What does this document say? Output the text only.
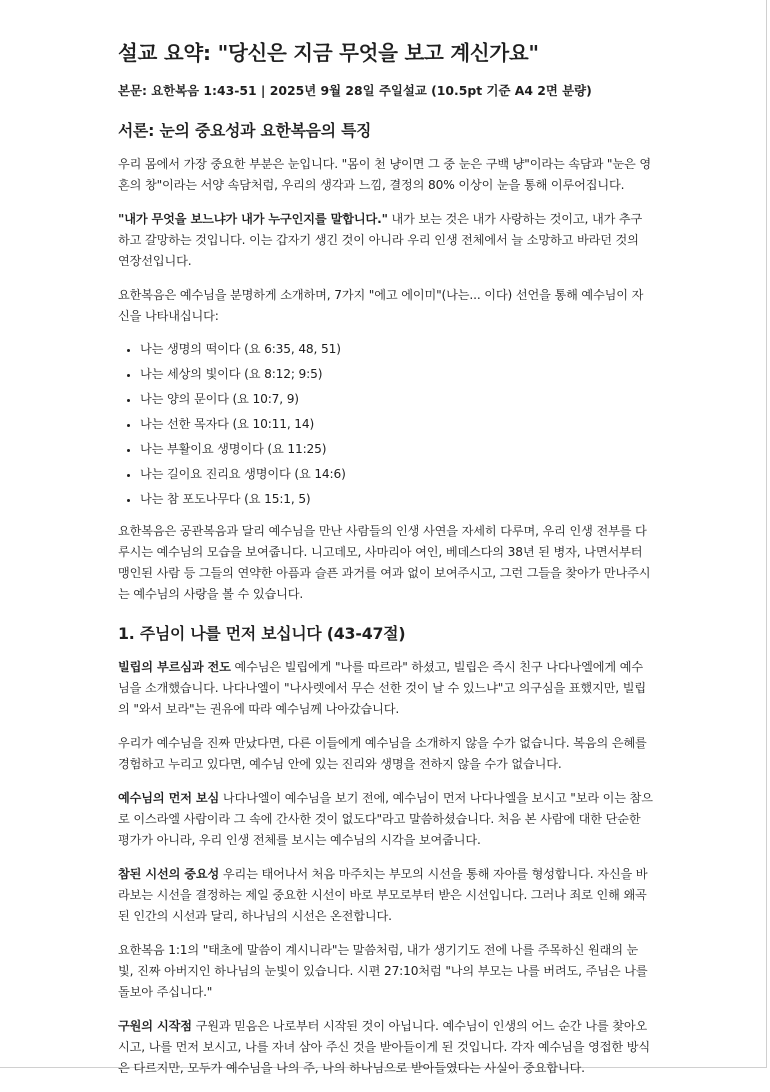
설교 요약: "당신은 지금 무엇을 보고 계신가요"
본문: 요한복음 1:43-51 | 2025년 9월 28일 주일설교 (10.5pt 기준 A4 2면 분량)
서론: 눈의 중요성과 요한복음의 특징

우리 몸에서 가장 중요한 부분은 눈입니다. "몸이 천 냥이면 그 중 눈은 구백 냥"이라는 속담과 "눈은 영혼의 창"이라는 서양 속담처럼, 우리의 생각과 느낌, 결정의 80% 이상이 눈을 통해 이루어집니다.

"내가 무엇을 보느냐가 내가 누구인지를 말합니다." 내가 보는 것은 내가 사랑하는 것이고, 내가 추구하고 갈망하는 것입니다. 이는 갑자기 생긴 것이 아니라 우리 인생 전체에서 늘 소망하고 바라던 것의 연장선입니다.

요한복음은 예수님을 분명하게 소개하며, 7가지 "에고 에이미"(나는... 이다) 선언을 통해 예수님이 자신을 나타내십니다:

• 나는 생명의 떡이다 (요 6:35, 48, 51)
• 나는 세상의 빛이다 (요 8:12; 9:5)
• 나는 양의 문이다 (요 10:7, 9)
• 나는 선한 목자다 (요 10:11, 14)
• 나는 부활이요 생명이다 (요 11:25)
• 나는 길이요 진리요 생명이다 (요 14:6)
• 나는 참 포도나무다 (요 15:1, 5)

요한복음은 공관복음과 달리 예수님을 만난 사람들의 인생 사연을 자세히 다루며, 우리 인생 전부를 다루시는 예수님의 모습을 보여줍니다. 니고데모, 사마리아 여인, 베데스다의 38년 된 병자, 나면서부터 맹인된 사람 등 그들의 연약한 아픔과 슬픈 과거를 여과 없이 보여주시고, 그런 그들을 찾아가 만나주시는 예수님의 사랑을 볼 수 있습니다.

1. 주님이 나를 먼저 보십니다 (43-47절)

빌립의 부르심과 전도 예수님은 빌립에게 "나를 따르라" 하셨고, 빌립은 즉시 친구 나다나엘에게 예수님을 소개했습니다. 나다나엘이 "나사렛에서 무슨 선한 것이 날 수 있느냐"고 의구심을 표했지만, 빌립의 "와서 보라"는 권유에 따라 예수님께 나아갔습니다.

우리가 예수님을 진짜 만났다면, 다른 이들에게 예수님을 소개하지 않을 수가 없습니다. 복음의 은혜를 경험하고 누리고 있다면, 예수님 안에 있는 진리와 생명을 전하지 않을 수가 없습니다.

예수님의 먼저 보심 나다나엘이 예수님을 보기 전에, 예수님이 먼저 나다나엘을 보시고 "보라 이는 참으로 이스라엘 사람이라 그 속에 간사한 것이 없도다"라고 말씀하셨습니다. 처음 본 사람에 대한 단순한 평가가 아니라, 우리 인생 전체를 보시는 예수님의 시각을 보여줍니다.

참된 시선의 중요성 우리는 태어나서 처음 마주치는 부모의 시선을 통해 자아를 형성합니다. 자신을 바라보는 시선을 결정하는 제일 중요한 시선이 바로 부모로부터 받은 시선입니다. 그러나 죄로 인해 왜곡된 인간의 시선과 달리, 하나님의 시선은 온전합니다.

요한복음 1:1의 "태초에 말씀이 계시니라"는 말씀처럼, 내가 생기기도 전에 나를 주목하신 원래의 눈빛, 진짜 아버지인 하나님의 눈빛이 있습니다. 시편 27:10처럼 "나의 부모는 나를 버려도, 주님은 나를 돌보아 주십니다."

구원의 시작점 구원과 믿음은 나로부터 시작된 것이 아닙니다. 예수님이 인생의 어느 순간 나를 찾아오시고, 나를 먼저 보시고, 나를 자녀 삼아 주신 것을 받아들이게 된 것입니다. 각자 예수님을 영접한 방식은 다르지만, 모두가 예수님을 나의 주, 나의 하나님으로 받아들였다는 사실이 중요합니다.
